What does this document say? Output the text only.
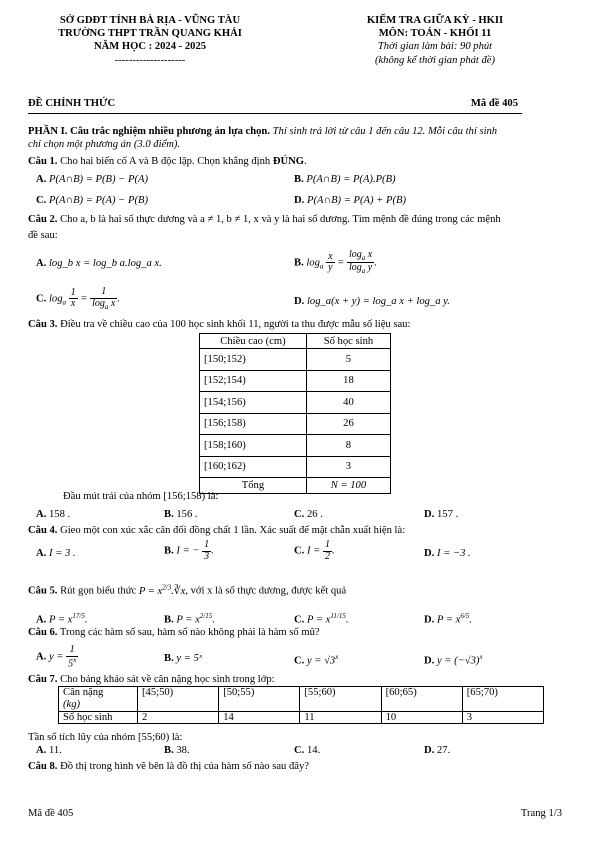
SỞ GDĐT TỈNH BÀ RỊA - VŨNG TÀU
TRƯỜNG THPT TRẦN QUANG KHẢI
NĂM HỌC : 2024 - 2025
--------------------
KIỂM TRA GIỮA KỲ - HKII
MÔN: TOÁN - KHỐI 11
Thời gian làm bài: 90 phút
(không kể thời gian phát đề)
ĐỀ CHÍNH THỨC	Mã đề 405
PHẦN I. Câu trắc nghiệm nhiều phương án lựa chọn. Thí sinh trả lời từ câu 1 đến câu 12. Mỗi câu thí sinh
chỉ chọn một phương án (3.0 điểm).
Câu 1. Cho hai biến cố A và B độc lập. Chọn khẳng định ĐÚNG.
A. P(A∩B) = P(B) − P(A)	B. P(A∩B) = P(A).P(B)
C. P(A∩B) = P(A) − P(B)	D. P(A∩B) = P(A) + P(B)
Câu 2. Cho a, b là hai số thực dương và a ≠ 1, b ≠ 1, x và y là hai số dương. Tìm mệnh đề đúng trong các mệnh
đề sau:
A. log_b x = log_b a.log_a x.	B. $\log_a \frac{x}{y} = \frac{\log_a x}{\log_a y}$ .
C. $\log_a \frac{1}{x} = \frac{1}{\log_a x}$ .	D. log_a(x + y) = log_a x + log_a y.
Câu 3. Điều tra về chiều cao của 100 học sinh khối 11, người ta thu được mẫu số liệu sau:
Chiều cao (cm)	Số học sinh
[150;152)	5
[152;154)	18
[154;156)	40
[156;158)	26
[158;160)	8
[160;162)	3
Tổng	N = 100
Đầu mút trái của nhóm [156;158) là:
A. 158 .	B. 156 .	C. 26 .	D. 157 .
Câu 4. Gieo một con xúc xắc cân đối đồng chất 1 lần. Xác suất để mặt chẵn xuất hiện là:
A. I = 3 .	B. I = − $\frac{1}{3}$ .	C. $I = \frac{1}{2}$ .	D. I = −3 .
Câu 5. Rút gọn biểu thức $P = x^{2/3}.∛x$, với x là số thực dương, được kết quả
A. $P = x^{17/5}$.	B. $P = x^{2/15}$.	C. $P = x^{11/15}$.	D. $P = x^{6/5}$.
Câu 6. Trong các hàm số sau, hàm số nào không phải là hàm số mũ?
A. $y = \frac{1}{5^x}$	B. y = 5ˣ	C. $y = √3^x$	D. $y = (-√3)^x$
Câu 7. Cho bảng khảo sát về cân nặng học sinh trong lớp:
Cân nặng
(kg)	[45;50)	[50;55)	[55;60)	[60;65)	[65;70)
Số học sinh	2	14	11	10	3
Tần số tích lũy của nhóm [55;60) là:
A. 11.	B. 38.	C. 14.	D. 27.
Câu 8. Đồ thị trong hình vẽ bên là đồ thị của hàm số nào sau đây?
Mã đề 405	Trang 1/3
